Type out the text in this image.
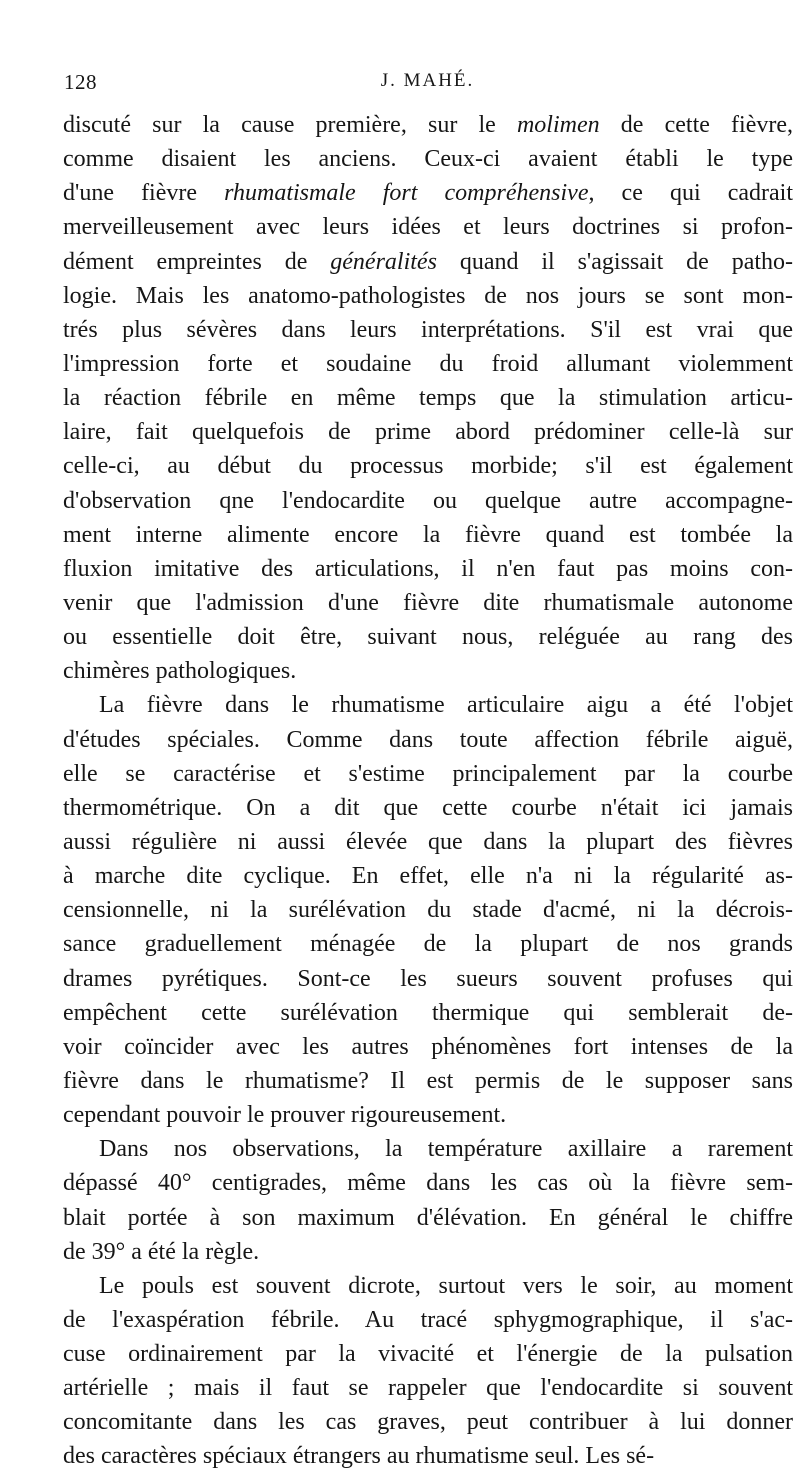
128	J. MAHÉ.
discuté sur la cause première, sur le molimen de cette fièvre,
comme disaient les anciens. Ceux-ci avaient établi le type
d'une fièvre rhumatismale fort compréhensive, ce qui cadrait
merveilleusement avec leurs idées et leurs doctrines si profon-
dément empreintes de généralités quand il s'agissait de patho-
logie. Mais les anatomo-pathologistes de nos jours se sont mon-
trés plus sévères dans leurs interprétations. S'il est vrai que
l'impression forte et soudaine du froid allumant violemment
la réaction fébrile en même temps que la stimulation articu-
laire, fait quelquefois de prime abord prédominer celle-là sur
celle-ci, au début du processus morbide; s'il est également
d'observation qne l'endocardite ou quelque autre accompagne-
ment interne alimente encore la fièvre quand est tombée la
fluxion imitative des articulations, il n'en faut pas moins con-
venir que l'admission d'une fièvre dite rhumatismale autonome
ou essentielle doit être, suivant nous, reléguée au rang des
chimères pathologiques.
La fièvre dans le rhumatisme articulaire aigu a été l'objet
d'études spéciales. Comme dans toute affection fébrile aiguë,
elle se caractérise et s'estime principalement par la courbe
thermométrique. On a dit que cette courbe n'était ici jamais
aussi régulière ni aussi élevée que dans la plupart des fièvres
à marche dite cyclique. En effet, elle n'a ni la régularité as-
censionnelle, ni la surélévation du stade d'acmé, ni la décrois-
sance graduellement ménagée de la plupart de nos grands
drames pyrétiques. Sont-ce les sueurs souvent profuses qui
empêchent cette surélévation thermique qui semblerait de-
voir coïncider avec les autres phénomènes fort intenses de la
fièvre dans le rhumatisme? Il est permis de le supposer sans
cependant pouvoir le prouver rigoureusement.
Dans nos observations, la température axillaire a rarement
dépassé 40° centigrades, même dans les cas où la fièvre sem-
blait portée à son maximum d'élévation. En général le chiffre
de 39° a été la règle.
Le pouls est souvent dicrote, surtout vers le soir, au moment
de l'exaspération fébrile. Au tracé sphygmographique, il s'ac-
cuse ordinairement par la vivacité et l'énergie de la pulsation
artérielle ; mais il faut se rappeler que l'endocardite si souvent
concomitante dans les cas graves, peut contribuer à lui donner
des caractères spéciaux étrangers au rhumatisme seul. Les sé-
